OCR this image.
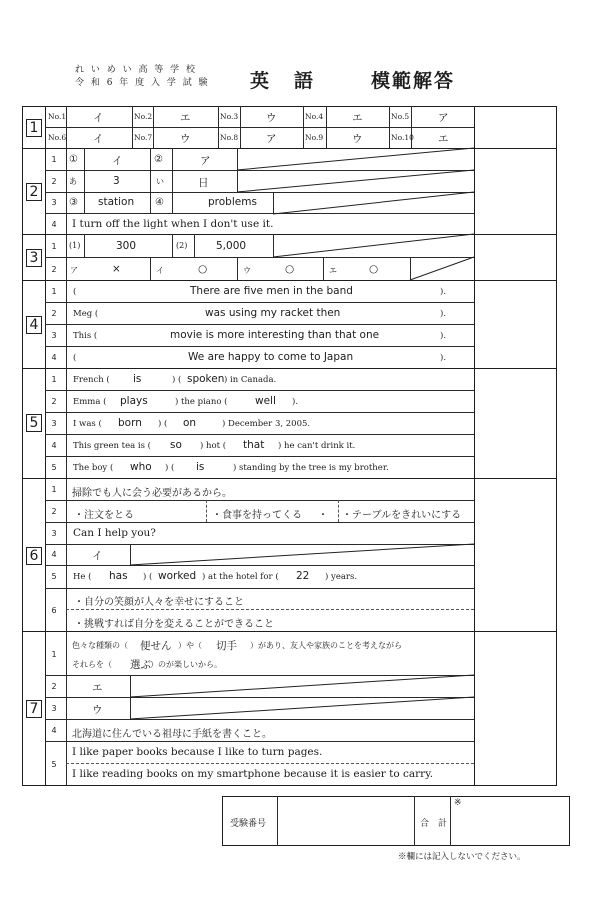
れ い め い 高 等 学 校
令 和 6 年 度 入 学 試 験 英　語	模範解答
1
No.1	イ	No.2	エ	No.3	ウ	No.4	エ	No.5	ア
No.6	イ	No.7	ウ	No.8	ア	No.9	ウ	No.10 エ
2
1	①	イ	②	ア
2	あ	3	い	日
3	③ station ④	problems
4	I turn off the light when I don't use it.
3
1	(1)	300	(2)	5,000
2	ア	×	イ	○	ウ	○	エ	○
4
1	(	There are five men in the band	).
2	Meg (	was using my racket then	).
3	This (	movie is more interesting than that one	).
4	(	We are happy to come to Japan	).
5
1	French ( is	) ( spoken ) in Canada.
2	Emma ( plays	) the piano (	well ).
3	I was ( born ) ( on	) December 3, 2005.
4	This green tea is ( so ) hot ( that ) he can't drink it.
5	The boy ( who ) ( is	) standing by the tree is my brother.
6
1	掃除でも人に会う必要があるから。
2	・注文をとる	・食事を持ってくる ・ ・テーブルをきれいにする
3	Can I help you?
4	イ
5	He ( has ) ( worked ) at the hotel for ( 22 ) years.
6
・自分の笑顔が人々を幸せにすること
・挑戦すれば自分を変えることができること
7
1
色々な種類の（ 便せん ）や（ 切手 ）があり、友人や家族のことを考えながら
それらを（ 選ぶ ）のが楽しいから。
2	エ
3	ウ
4	北海道に住んでいる祖母に手紙を書くこと。
5
I like paper books because I like to turn pages.
I like reading books on my smartphone because it is easier to carry.
受験番号	合　計
※
※欄には記入しないでください。
